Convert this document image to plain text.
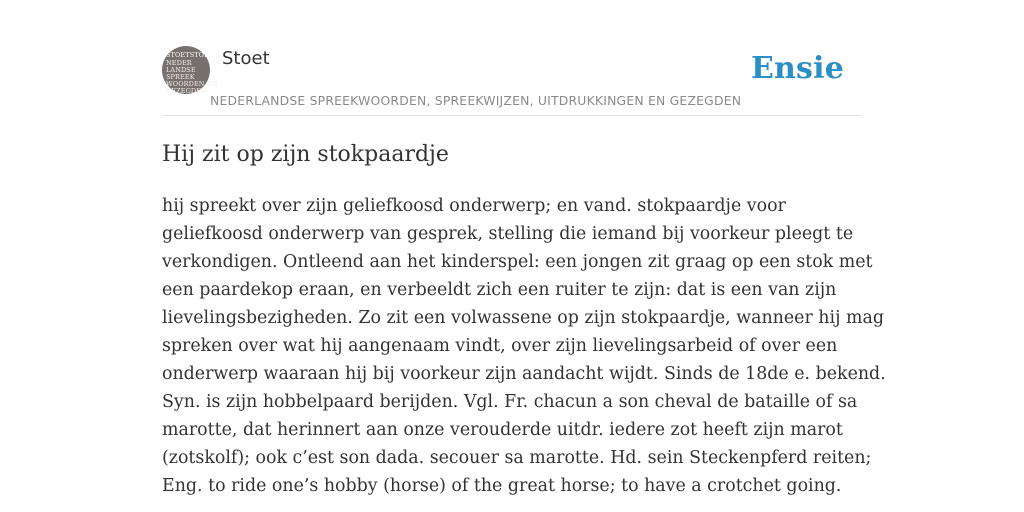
STOETSTOET
NEDER
LANDSE
SPREEK
WOORDEN EN
GEZEGDEN
Stoet
NEDERLANDSE SPREEKWOORDEN, SPREEKWIJZEN, UITDRUKKINGEN EN GEZEGDEN
Ensie
Hij zit op zijn stokpaardje

hij spreekt over zijn geliefkoosd onderwerp; en vand. stokpaardje voor
geliefkoosd onderwerp van gesprek, stelling die iemand bij voorkeur pleegt te
verkondigen. Ontleend aan het kinderspel: een jongen zit graag op een stok met
een paardekop eraan, en verbeeldt zich een ruiter te zijn: dat is een van zijn
lievelingsbezigheden. Zo zit een volwassene op zijn stokpaardje, wanneer hij mag
spreken over wat hij aangenaam vindt, over zijn lievelingsarbeid of over een
onderwerp waaraan hij bij voorkeur zijn aandacht wijdt. Sinds de 18de e. bekend.
Syn. is zijn hobbelpaard berijden. Vgl. Fr. chacun a son cheval de bataille of sa
marotte, dat herinnert aan onze verouderde uitdr. iedere zot heeft zijn marot
(zotskolf); ook c’est son dada. secouer sa marotte. Hd. sein Steckenpferd reiten;
Eng. to ride one’s hobby (horse) of the great horse; to have a crotchet going.
